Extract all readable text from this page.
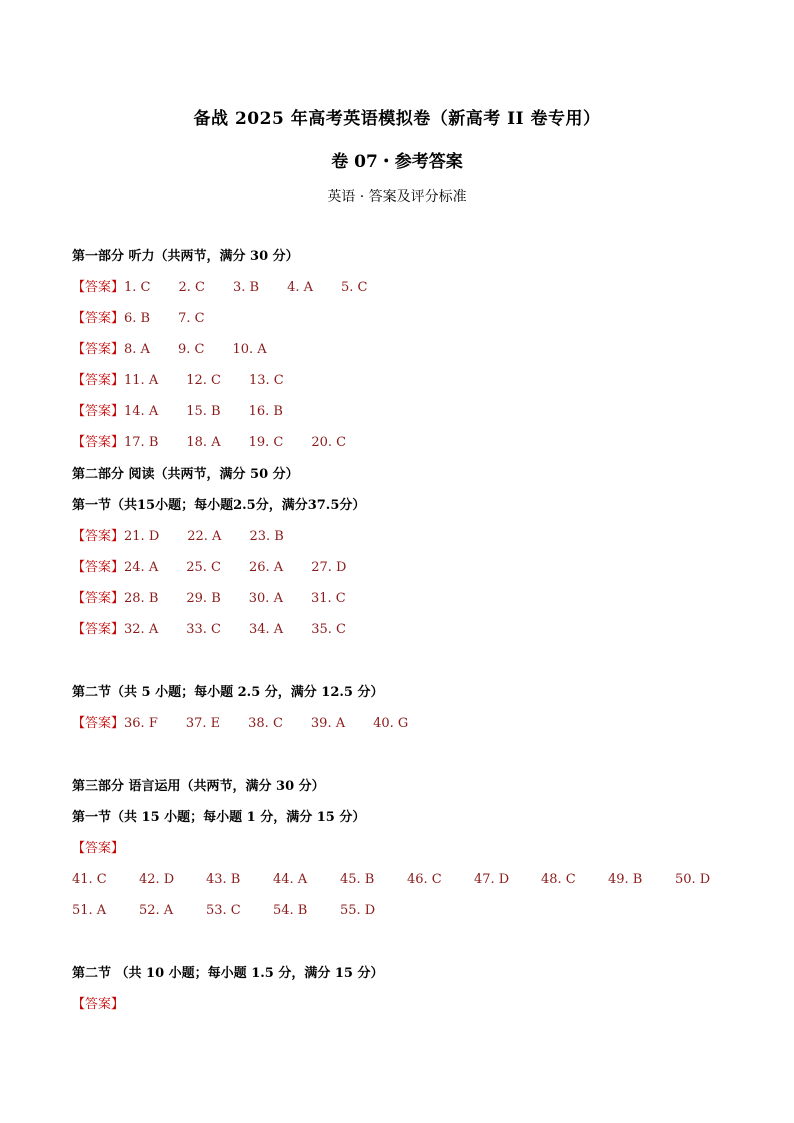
备战 2025 年高考英语模拟卷（新高考 II 卷专用）
卷 07・参考答案
英语 · 答案及评分标准
第一部分 听力（共两节，满分 30 分）
【答案】1. C 2. C 3. B 4. A 5. C
【答案】6. B 7. C
【答案】8. A 9. C 10. A
【答案】11. A 12. C 13. C
【答案】14. A 15. B 16. B
【答案】17. B 18. A 19. C 20. C
第二部分 阅读（共两节，满分 50 分）
第一节（共15小题；每小题2.5分，满分37.5分）
【答案】21. D 22. A 23. B
【答案】24. A 25. C 26. A 27. D
【答案】28. B 29. B 30. A 31. C
【答案】32. A 33. C 34. A 35. C
第二节（共 5 小题；每小题 2.5 分，满分 12.5 分）
【答案】36. F 37. E 38. C 39. A 40. G
第三部分 语言运用（共两节，满分 30 分）
第一节（共 15 小题；每小题 1 分，满分 15 分）
【答案】
41. C 42. D 43. B	44. A	45. B	46. C 47. D 48. C 49. B	50. D
51. A	52. A	53. C 54. B	55. D
第二节 （共 10 小题；每小题 1.5 分，满分 15 分）
【答案】
